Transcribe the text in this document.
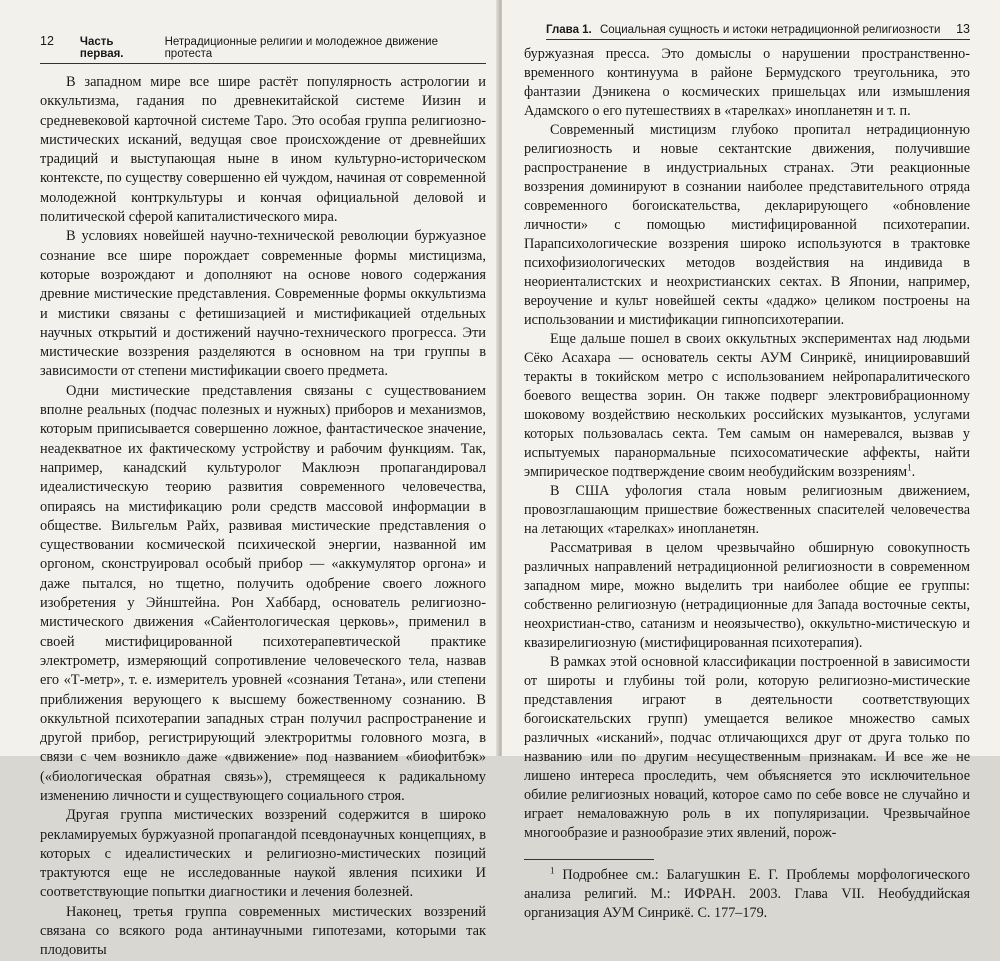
12 Часть первая.
Нетрадиционные религии и молодежное движение протеста

В западном мире все шире растёт популярность астрологии и оккультизма, гадания по древнекитайской системе Иизин и средневековой карточной системе Таро. Это особая группа религиозно-мистических исканий, ведущая свое происхождение от древнейших традиций и выступающая ныне в ином культурно-историческом контексте, по существу совершенно ей чуждом, начиная от современной молодежной контркультуры и кончая официальной деловой и политической сферой капиталистического мира.

В условиях новейшей научно-технической революции буржуазное сознание все шире порождает современные формы мистицизма, которые возрождают и дополняют на основе нового содержания древние мистические представления. Современные формы оккультизма и мистики связаны с фетишизацией и мистификацией отдельных научных открытий и достижений научно-технического прогресса. Эти мистические воззрения разделяются в основном на три группы в зависимости от степени мистификации своего предмета.

Одни мистические представления связаны с существованием вполне реальных (подчас полезных и нужных) приборов и механизмов, которым приписывается совершенно ложное, фантастическое значение, неадекватное их фактическому устройству и рабочим функциям. Так, например, канадский культуролог Маклюэн пропагандировал идеалистическую теорию развития современного человечества, опираясь на мистификацию роли средств массовой информации в обществе. Вильгельм Райх, развивая мистические представления о существовании космической психической энергии, названной им оргоном, сконструировал особый прибор — «аккумулятор оргона» и даже пытался, но тщетно, получить одобрение своего ложного изобретения у Эйнштейна. Рон Хаббард, основатель религиозно-мистического движения «Сайентологическая церковь», применил в своей мистифицированной психотерапевтической практике электрометр, измеряющий сопротивление человеческого тела, назвав его «Т-метр», т. е. измерителъ уровней «сознания Тетана», или степени приближения верующего к высшему божественному сознанию. В оккультной психотерапии западных стран получил распространение и другой прибор, регистрирующий электроритмы головного мозга, в связи с чем возникло даже «движение» под названием «биофитбэк» («биологическая обратная связь»), стремящееся к радикальному изменению личности и существующего социального строя.

Другая группа мистических воззрений содержится в широко рекламируемых буржуазной пропагандой псевдонаучных концепциях, в которых с идеалистических и религиозно-мистических позиций трактуются еще не исследованные наукой явления психики И соответствующие попытки диагностики и лечения болезней.

Наконец, третья группа современных мистических воззрений связана со всякого рода антинаучными гипотезами, которыми так плодовиты

Глава 1. Социальная сущность и истоки нетрадиционной религиозности	13

буржуазная пресса. Это домыслы о нарушении пространственно-временного континуума в районе Бермудского треугольника, это фантазии Дэникена о космических пришельцах или измышления Адамского о его путешествиях в «тарелках» инопланетян и т. п.

Современный мистицизм глубоко пропитал нетрадиционную религиозность и новые сектантские движения, получившие распространение в индустриальных странах. Эти реакционные воззрения доминируют в сознании наиболее представительного отряда современного богоискательства, декларирующего «обновление личности» с помощью мистифицированной психотерапии. Парапсихологические воззрения широко используются в трактовке психофизиологических методов воздействия на индивида в неориенталистских и неохристианских сектах. В Японии, например, вероучение и культ новейшей секты «даджо» целиком построены на использовании и мистификации гипнопсихотерапии.

Еще дальше пошел в своих оккультных экспериментах над людьми Сёко Асахара — основатель секты АУМ Синрикё, инициировавший теракты в токийском метро с использованием нейропаралитического боевого вещества зорин. Он также подверг электровибрационному шоковому воздействию нескольких российских музыкантов, услугами которых пользовалась секта. Тем самым он намеревался, вызвав у испытуемых паранормальные психосоматические аффекты, найти эмпирическое подтверждение своим необудийским воззрениям$^1$.

В США уфология стала новым религиозным движением, провозглашающим пришествие божественных спасителей человечества на летающих «тарелках» инопланетян.

Рассматривая в целом чрезвычайно обширную совокупность различных направлений нетрадиционной религиозности в современном западном мире, можно выделить три наиболее общие ее группы: собственно религиозную (нетрадиционные для Запада восточные секты, неохристиан-ство, сатанизм и неоязычество), оккультно-мистическую и квазирелигиозную (мистифицированная психотерапия).

В рамках этой основной классификации построенной в зависимости от широты и глубины той роли, которую религиозно-мистические представления играют в деятельности соответствующих богоискательских групп) умещается великое множество самых различных «исканий», подчас отличающихся друг от друга только по названию или по другим несущественным признакам. И все же не лишено интереса проследить, чем объясняется это исключительное обилие религиозных новаций, которое само по себе вовсе не случайно и играет немаловажную роль в их популяризации. Чрезвычайное многообразие и разнообразие этих явлений, порож-

$^1$ Подробнее см.: Балагушкин Е. Г. Проблемы морфологического анализа религий. М.: ИФРАН. 2003. Глава VII. Необуддийская организация АУМ Синрикё. С. 177–179.
